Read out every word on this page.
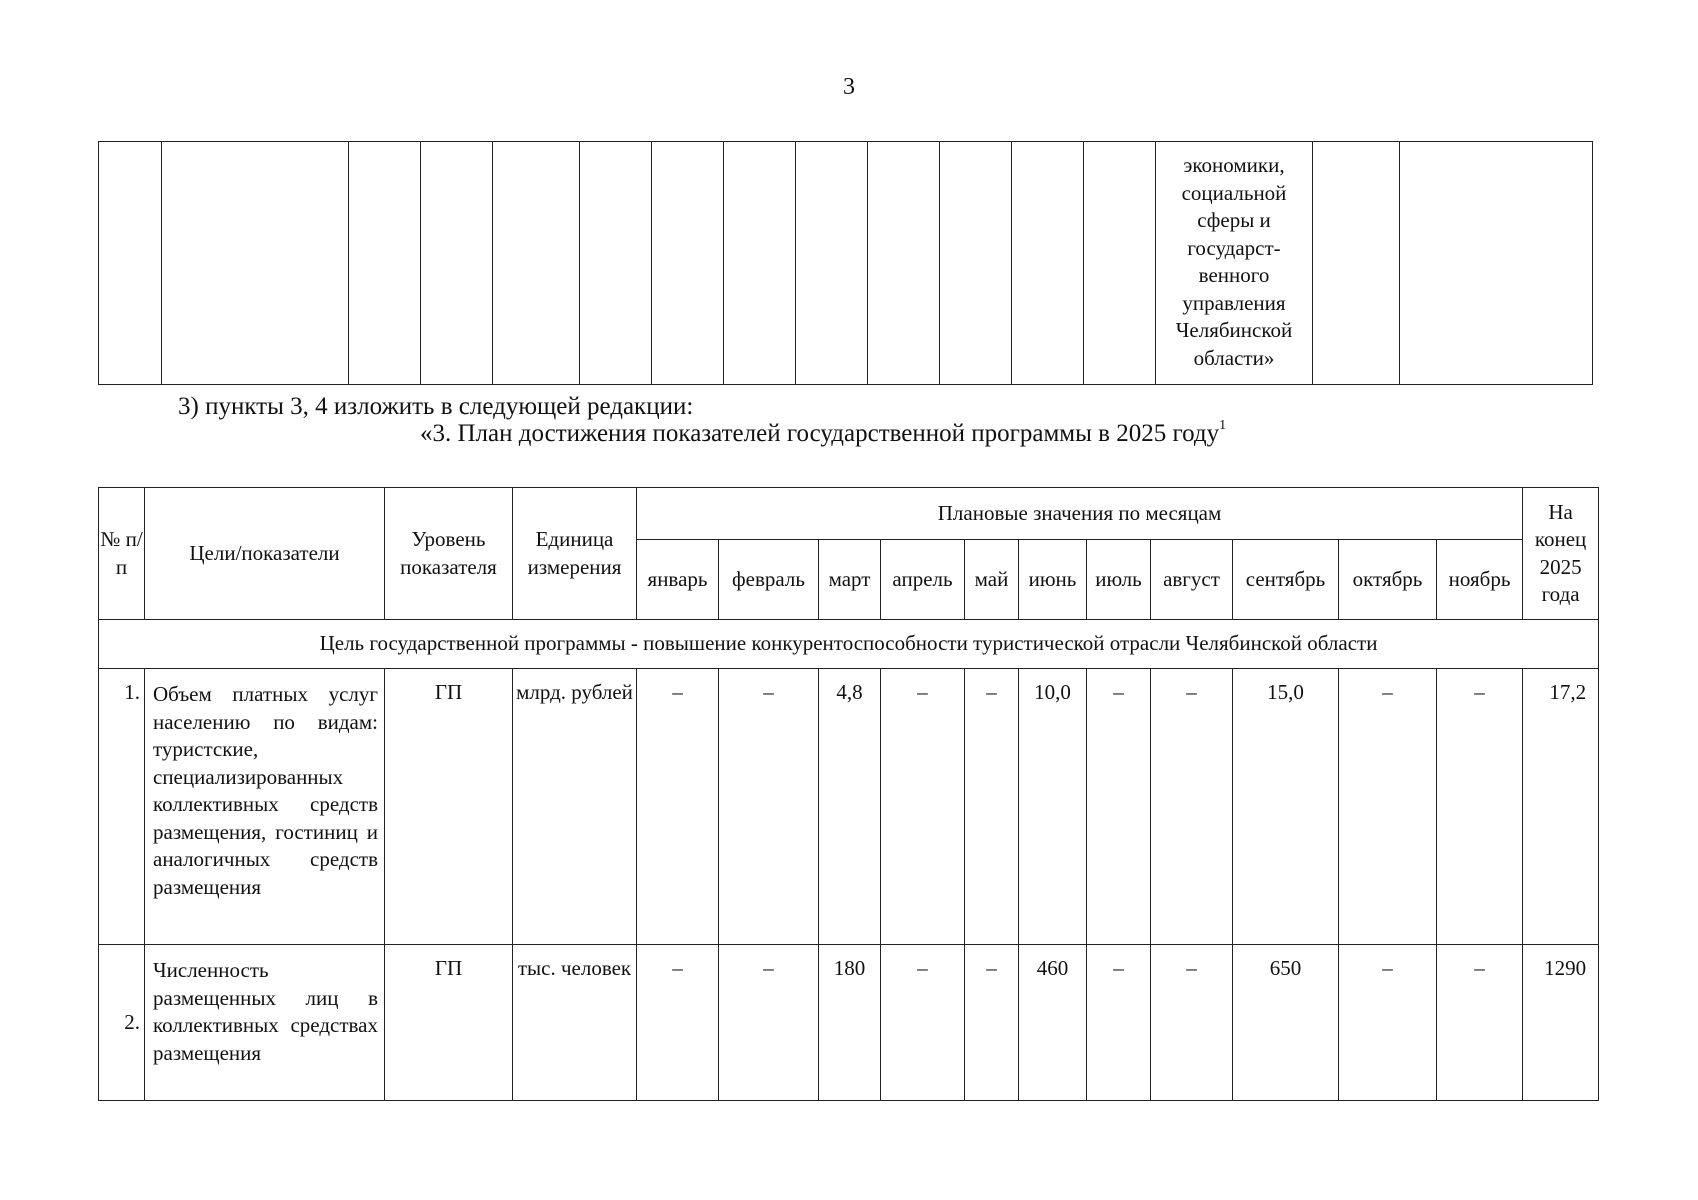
3

экономики,
социальной
сферы и
государст-
венного
управления
Челябинской
области»

3) пункты 3, 4 изложить в следующей редакции:
«3. План достижения показателей государственной программы в 2025 году$^1$
№ п/п	Цели/показатели	Уровень показателя	Единица измерения	Плановые значения по месяцам											На конец 2025 года
				январь	февраль	март	апрель	май	июнь	июль	август	сентябрь	октябрь	ноябрь	
Цель государственной программы - повышение конкурентоспособности туристической отрасли Челябинской области															
1.	Объем платных услуг населению по видам: туристские, специализированных коллективных средств размещения, гостиниц и аналогичных средств размещения	ГП	млрд. рублей	–	–	4,8	–	–	10,0	–	–	15,0	–	–	17,2
2.	Численность размещенных лиц в коллективных средствах размещения	ГП	тыс. человек	–	–	180	–	–	460	–	–	650	–	–	1290
